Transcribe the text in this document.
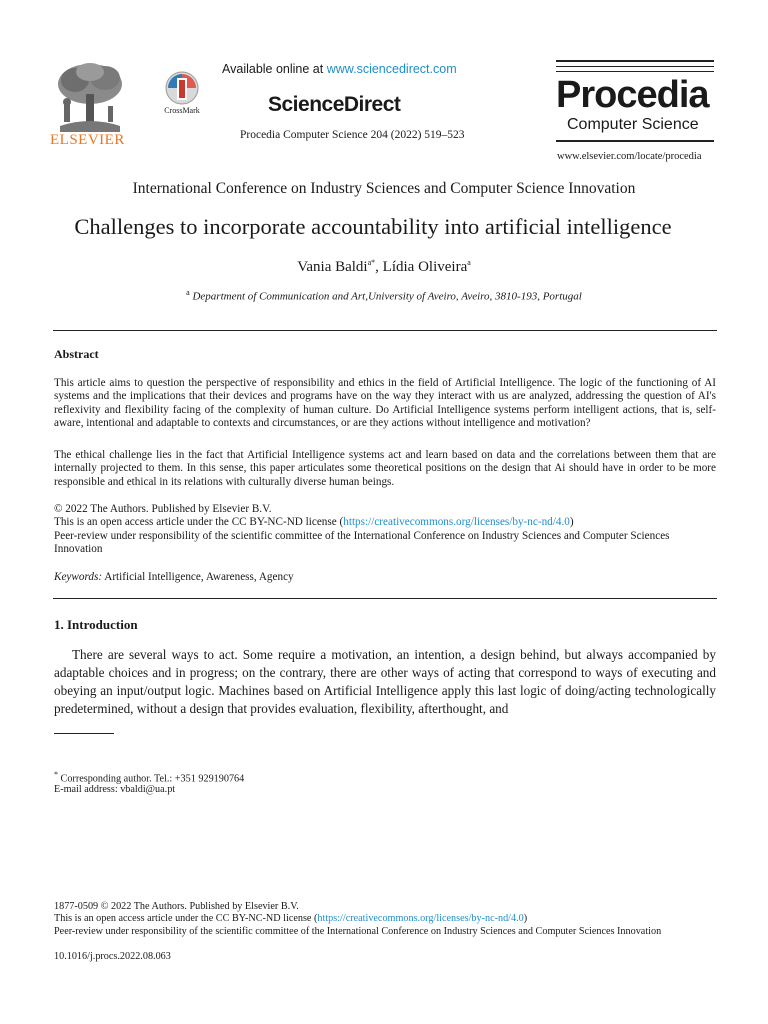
ELSEVIER
CrossMark
Available online at www.sciencedirect.com
ScienceDirect
Procedia Computer Science 204 (2022) 519–523
Procedia
Computer Science
www.elsevier.com/locate/procedia
International Conference on Industry Sciences and Computer Science Innovation
Challenges to incorporate accountability into artificial intelligence
Vania Baldi$^{a*}$, Lídia Oliveira$^a$
$^a$ Department of Communication and Art,University of Aveiro, Aveiro, 3810-193, Portugal
Abstract
This article aims to question the perspective of responsibility and ethics in the field of Artificial Intelligence. The logic of the functioning of AI systems and the implications that their devices and programs have on the way they interact with us are analyzed, addressing the question of AI's reflexivity and flexibility facing of the complexity of human culture. Do Artificial Intelligence systems perform intelligent actions, that is, self-aware, intentional and adaptable to contexts and circumstances, or are they actions without intelligence and motivation?
The ethical challenge lies in the fact that Artificial Intelligence systems act and learn based on data and the correlations between them that are internally projected to them. In this sense, this paper articulates some theoretical positions on the design that Ai should have in order to be more responsible and ethical in its relations with culturally diverse human beings.
© 2022 The Authors. Published by Elsevier B.V.
This is an open access article under the CC BY-NC-ND license (https://creativecommons.org/licenses/by-nc-nd/4.0)
Peer-review under responsibility of the scientific committee of the International Conference on Industry Sciences and Computer Sciences Innovation
Keywords: Artificial Intelligence, Awareness, Agency
1. Introduction
There are several ways to act. Some require a motivation, an intention, a design behind, but always accompanied by adaptable choices and in progress; on the contrary, there are other ways of acting that correspond to ways of executing and obeying an input/output logic. Machines based on Artificial Intelligence apply this last logic of doing/acting technologically predetermined, without a design that provides evaluation, flexibility, afterthought, and
* Corresponding author. Tel.: +351 929190764
E-mail address: vbaldi@ua.pt
1877-0509 © 2022 The Authors. Published by Elsevier B.V.
This is an open access article under the CC BY-NC-ND license (https://creativecommons.org/licenses/by-nc-nd/4.0)
Peer-review under responsibility of the scientific committee of the International Conference on Industry Sciences and Computer Sciences Innovation
10.1016/j.procs.2022.08.063
